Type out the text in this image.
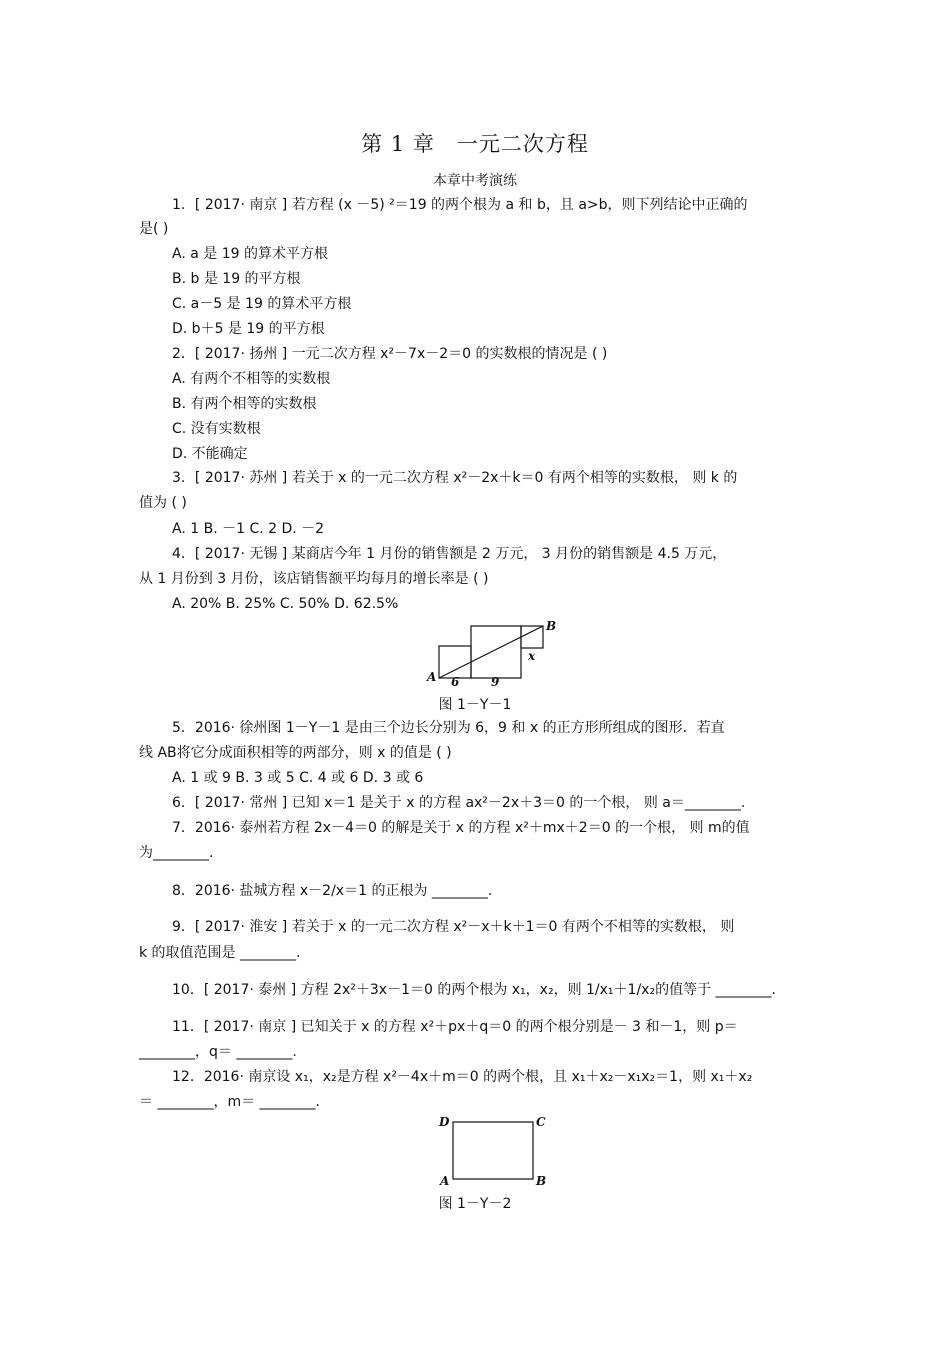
第 1 章　一元二次方程
本章中考演练
1．[ 2017· 南京 ] 若方程 (x －5) ²＝19 的两个根为 a 和 b，且 a>b，则下列结论中正确的
是( )
A. a 是 19 的算术平方根
B. b 是 19 的平方根
C. a－5 是 19 的算术平方根
D. b＋5 是 19 的平方根
2．[ 2017· 扬州 ] 一元二次方程 x²－7x－2＝0 的实数根的情况是 ( )
A. 有两个不相等的实数根
B. 有两个相等的实数根
C. 没有实数根
D. 不能确定
3．[ 2017· 苏州 ] 若关于 x 的一元二次方程 x²－2x＋k＝0 有两个相等的实数根， 则 k 的
值为 ( )
A. 1 B. －1 C. 2 D. －2
4．[ 2017· 无锡 ] 某商店今年 1 月份的销售额是 2 万元， 3 月份的销售额是 4.5 万元，
从 1 月份到 3 月份，该店销售额平均每月的增长率是 ( )
A. 20% B. 25% C. 50% D. 62.5%
A
B
6	9
x
图 1－Y－1
5．2016· 徐州图 1－Y－1 是由三个边长分别为 6，9 和 x 的正方形所组成的图形．若直
线 AB将它分成面积相等的两部分，则 x 的值是 ( )
A. 1 或 9 B. 3 或 5 C. 4 或 6 D. 3 或 6
6．[ 2017· 常州 ] 已知 x＝1 是关于 x 的方程 ax²－2x＋3＝0 的一个根， 则 a＝________.
7．2016· 泰州若方程 2x－4＝0 的解是关于 x 的方程 x²＋mx＋2＝0 的一个根， 则 m的值
为________.
8．2016· 盐城方程 x－2/x＝1 的正根为 ________.
9．[ 2017· 淮安 ] 若关于 x 的一元二次方程 x²－x＋k＋1＝0 有两个不相等的实数根， 则
k 的取值范围是 ________.
10．[ 2017· 泰州 ] 方程 2x²＋3x－1＝0 的两个根为 x₁，x₂，则 1/x₁＋1/x₂的值等于 ________.
11．[ 2017· 南京 ] 已知关于 x 的方程 x²＋px＋q＝0 的两个根分别是－ 3 和－1，则 p＝
________，q＝ ________.
12．2016· 南京设 x₁，x₂是方程 x²－4x＋m＝0 的两个根，且 x₁＋x₂－x₁x₂＝1，则 x₁＋x₂
＝ ________，m＝ ________.
D	C
A	B
图 1－Y－2
